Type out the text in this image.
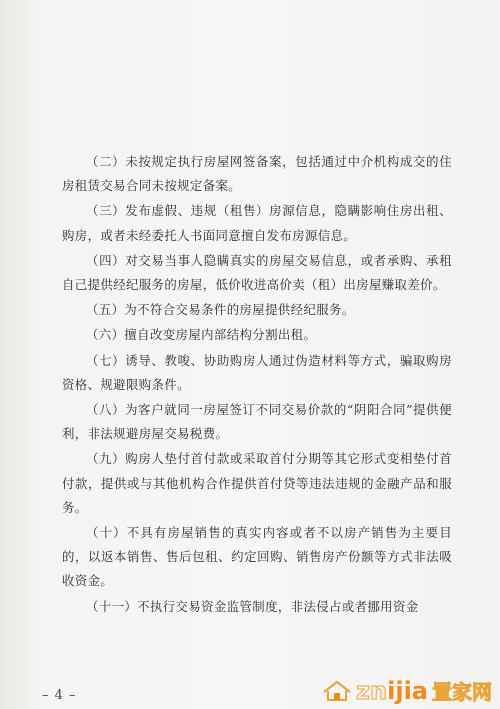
（二）未按规定执行房屋网签备案，包括通过中介机构成交的住房租赁交易合同未按规定备案。

（三）发布虚假、违规（租售）房源信息，隐瞒影响住房出租、购房，或者未经委托人书面同意擅自发布房源信息。

（四）对交易当事人隐瞒真实的房屋交易信息，或者承购、承租自己提供经纪服务的房屋，低价收进高价卖（租）出房屋赚取差价。

（五）为不符合交易条件的房屋提供经纪服务。

（六）擅自改变房屋内部结构分割出租。

（七）诱导、教唆、协助购房人通过伪造材料等方式，骗取购房资格、规避限购条件。

（八）为客户就同一房屋签订不同交易价款的“阴阳合同”提供便利，非法规避房屋交易税费。

（九）购房人垫付首付款或采取首付分期等其它形式变相垫付首付款，提供或与其他机构合作提供首付贷等违法违规的金融产品和服务。

（十）不具有房屋销售的真实内容或者不以房产销售为主要目的，以返本销售、售后包租、约定回购、销售房产份额等方式非法吸收资金。

（十一）不执行交易资金监管制度，非法侵占或者挪用资金

– 4 –	znijia 置家网
